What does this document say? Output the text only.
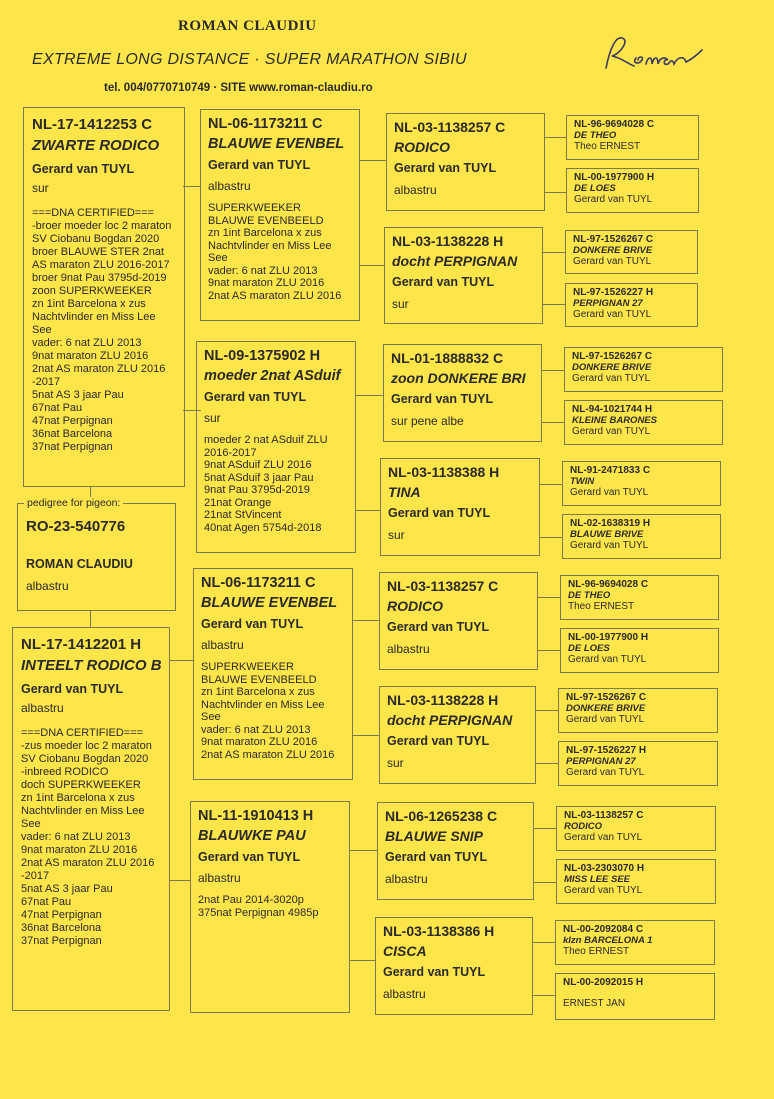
ROMAN CLAUDIU
EXTREME LONG DISTANCE · SUPER MARATHON SIBIU
tel. 004/0770710749 · SITE www.roman-claudiu.ro
NL-17-1412253 C
ZWARTE RODICO
Gerard van TUYL
sur
===DNA CERTIFIED===
-broer moeder loc 2 maraton
SV Ciobanu Bogdan 2020
broer BLAUWE STER 2nat
AS maraton ZLU 2016-2017
broer 9nat Pau 3795d-2019
zoon SUPERKWEEKER
zn 1int Barcelona x zus
Nachtvlinder en Miss Lee
See
vader: 6 nat ZLU 2013
9nat maraton ZLU 2016
2nat AS maraton ZLU 2016
-2017
5nat AS 3 jaar Pau
67nat Pau
47nat Perpignan
36nat Barcelona
37nat Perpignan
RO-23-540776
ROMAN CLAUDIU
albastru
pedigree for pigeon:
NL-17-1412201 H
INTEELT RODICO B
Gerard van TUYL
albastru
===DNA CERTIFIED===
-zus moeder loc 2 maraton
SV Ciobanu Bogdan 2020
-inbreed RODICO
doch SUPERKWEEKER
zn 1int Barcelona x zus
Nachtvlinder en Miss Lee
See
vader: 6 nat ZLU 2013
9nat maraton ZLU 2016
2nat AS maraton ZLU 2016
-2017
5nat AS 3 jaar Pau
67nat Pau
47nat Perpignan
36nat Barcelona
37nat Perpignan
NL-06-1173211 C
BLAUWE EVENBEL
Gerard van TUYL
albastru
SUPERKWEEKER
BLAUWE EVENBEELD
zn 1int Barcelona x zus
Nachtvlinder en Miss Lee
See
vader: 6 nat ZLU 2013
9nat maraton ZLU 2016
2nat AS maraton ZLU 2016
NL-09-1375902 H
moeder 2nat ASduif
Gerard van TUYL
sur
moeder 2 nat ASduif ZLU
2016-2017
9nat ASduif ZLU 2016
5nat ASduif 3 jaar Pau
9nat Pau 3795d-2019
21nat Orange
21nat StVincent
40nat Agen 5754d-2018
NL-06-1173211 C
BLAUWE EVENBEL
Gerard van TUYL
albastru
SUPERKWEEKER
BLAUWE EVENBEELD
zn 1int Barcelona x zus
Nachtvlinder en Miss Lee
See
vader: 6 nat ZLU 2013
9nat maraton ZLU 2016
2nat AS maraton ZLU 2016
NL-11-1910413 H
BLAUWKE PAU
Gerard van TUYL
albastru
2nat Pau 2014-3020p
375nat Perpignan 4985p
NL-03-1138257 C
RODICO
Gerard van TUYL
albastru
NL-03-1138228 H
docht PERPIGNAN
Gerard van TUYL
sur
NL-01-1888832 C
zoon DONKERE BRI
Gerard van TUYL
sur pene albe
NL-03-1138388 H
TINA
Gerard van TUYL
sur
NL-03-1138257 C
RODICO
Gerard van TUYL
albastru
NL-03-1138228 H
docht PERPIGNAN
Gerard van TUYL
sur
NL-06-1265238 C
BLAUWE SNIP
Gerard van TUYL
albastru
NL-03-1138386 H
CISCA
Gerard van TUYL
albastru
NL-96-9694028 C
DE THEO
Theo ERNEST
NL-00-1977900 H
DE LOES
Gerard van TUYL
NL-97-1526267 C
DONKERE BRIVE
Gerard van TUYL
NL-97-1526227 H
PERPIGNAN 27
Gerard van TUYL
NL-97-1526267 C
DONKERE BRIVE
Gerard van TUYL
NL-94-1021744 H
KLEINE BARONES
Gerard van TUYL
NL-91-2471833 C
TWIN
Gerard van TUYL
NL-02-1638319 H
BLAUWE BRIVE
Gerard van TUYL
NL-96-9694028 C
DE THEO
Theo ERNEST
NL-00-1977900 H
DE LOES
Gerard van TUYL
NL-97-1526267 C
DONKERE BRIVE
Gerard van TUYL
NL-97-1526227 H
PERPIGNAN 27
Gerard van TUYL
NL-03-1138257 C
RODICO
Gerard van TUYL
NL-03-2303070 H
MISS LEE SEE
Gerard van TUYL
NL-00-2092084 C
klzn BARCELONA 1
Theo ERNEST
NL-00-2092015 H
ERNEST JAN
